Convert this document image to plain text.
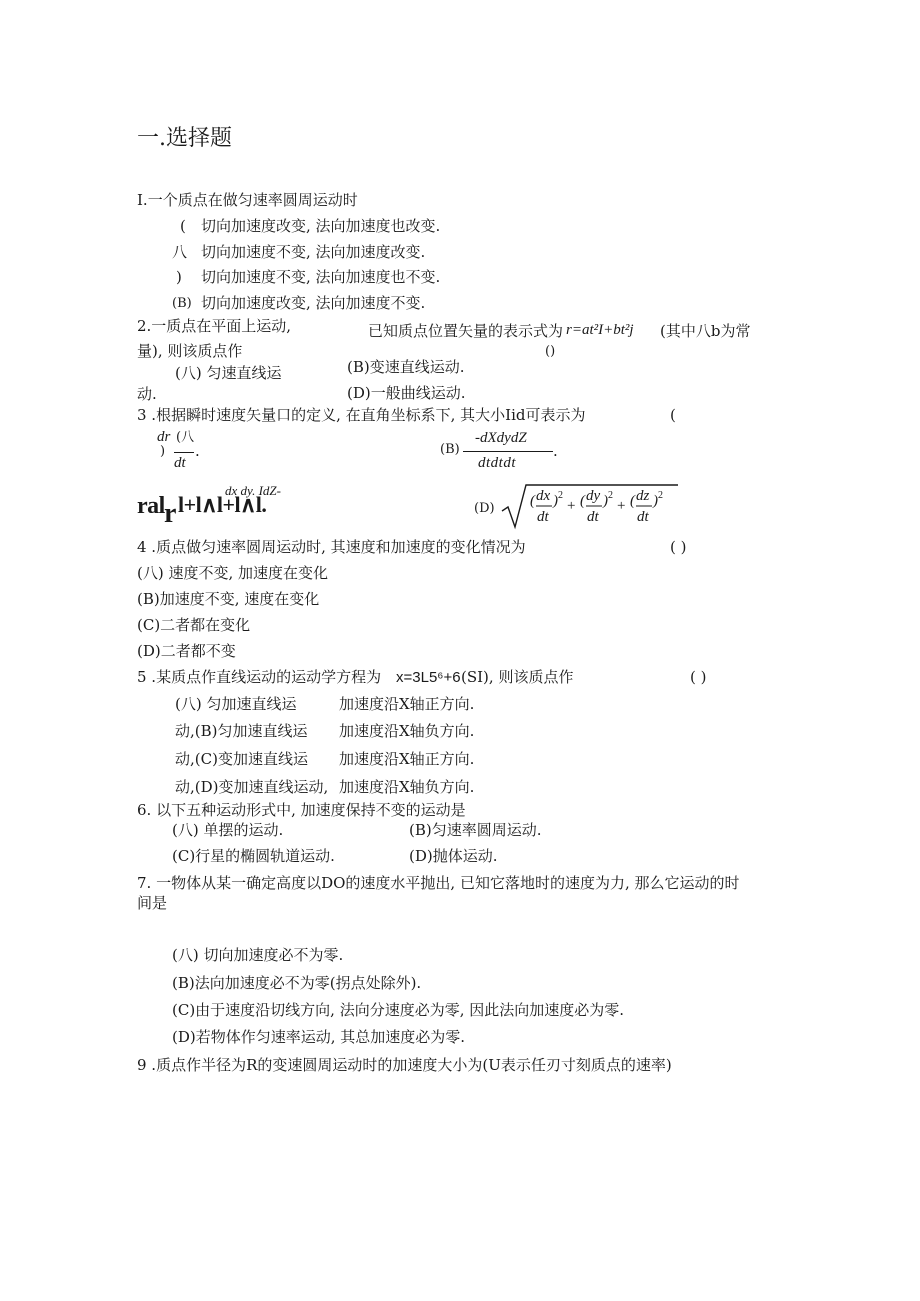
一.选择题
I.一个质点在做匀速率圆周运动时
( 切向加速度改变, 法向加速度也改变.
八 切向加速度不变, 法向加速度改变.
) 切向加速度不变, 法向加速度也不变.
(B) 切向加速度改变, 法向加速度不变.
2.一质点在平面上运动,	已知质点位置矢量的表示式为 r=at²I+bt²j (其中八b为常
量), 则该质点作	()
(八) 匀速直线运	(B)变速直线运动.
动.	(D)一般曲线运动.
3 .根据瞬时速度矢量口的定义, 在直角坐标系下, 其大小Iid可表示为	(
dr (八
) .
dt
(B)
-dXdydZ
.
dtdtdt
ral r l+l∧l+l∧l.
dx dy. IdZ-
(D) ( dx
dt
) 2
+ ( dy
dt
) 2
+ ( dz
dt
) 2
4 .质点做匀速率圆周运动时, 其速度和加速度的变化情况为	( )
(八) 速度不变, 加速度在变化
(B)加速度不变, 速度在变化
(C)二者都在变化
(D)二者都不变
5 .某质点作直线运动的运动学方程为 x=3L5⁶+6 (SI), 则该质点作	( )
(八) 匀加速直线运	加速度沿X轴正方向.
动,(B)匀加速直线运 加速度沿X轴负方向.
动,(C)变加速直线运 加速度沿X轴正方向.
动,(D)变加速直线运动, 加速度沿X轴负方向.
6. 以下五种运动形式中, 加速度保持不变的运动是
(八) 单摆的运动.	(B)匀速率圆周运动.
(C)行星的椭圆轨道运动.	(D)抛体运动.
7. 一物体从某一确定高度以DO的速度水平抛出, 已知它落地时的速度为力, 那么它运动的时
间是
(八) 切向加速度必不为零.
(B)法向加速度必不为零(拐点处除外).
(C)由于速度沿切线方向, 法向分速度必为零, 因此法向加速度必为零.
(D)若物体作匀速率运动, 其总加速度必为零.
9 .质点作半径为R的变速圆周运动时的加速度大小为(U表示任刃寸刻质点的速率)
